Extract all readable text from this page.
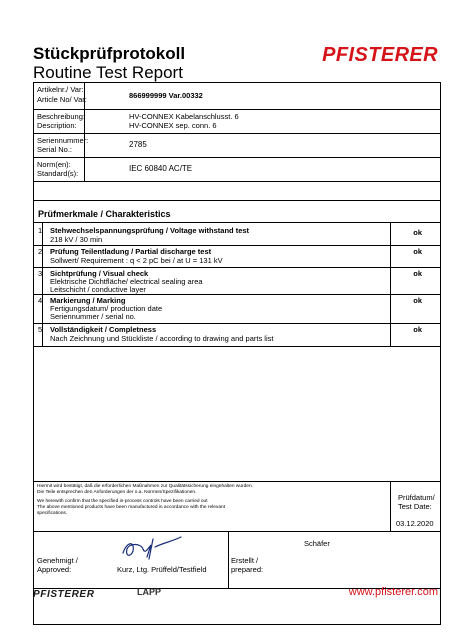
Stückprüfprotokoll
Routine Test Report
PFISTERER
Artikelnr./ Var:
Article No/ Var:	866999999 Var.00332
Beschreibung:
Description:
HV-CONNEX Kabelanschlusst. 6
HV-CONNEX sep. conn. 6
Seriennummer:
Serial No.:
2785
Norm(en):
Standard(s):
IEC 60840 AC/TE
Prüfmerkmale / Charakteristics
1 Stehwechselspannungsprüfung / Voltage withstand test
218 kV / 30 min
ok
2 Prüfung Teilentladung / Partial discharge test
Sollwert/ Requirement : q < 2 pC bei / at U = 131 kV
ok
3 Sichtprüfung / Visual check
Elektrische Dichtfläche/ electrical sealing area
Leitschicht / conductive layer
ok
4 Markierung / Marking
Fertigungsdatum/ production date
Seriennummer / serial no.
ok
5 Vollständigkeit / Completness
Nach Zeichnung und Stückliste / according to drawing and parts list
ok
Hiermit wird bestätigt, daß die erforderlichen Maßnahmen zur Qualitätssicherung eingehalten wurden.
Die Teile entsprechen den Anforderungen der o.a. Normen/Spezifikationen.
We herewith confirm that the specified in-process controls have been carried out
The above mentioned products have been manufactured in accordance with the relevant
specifications.
Prüfdatum/
Test Date:
03.12.2020
Genehmigt /
Approved:	Kurz, Ltg. Prüffeld/Testfield
Schäfer
Erstellt /
prepared:
PFISTERER	LAPP	www.pfisterer.com
